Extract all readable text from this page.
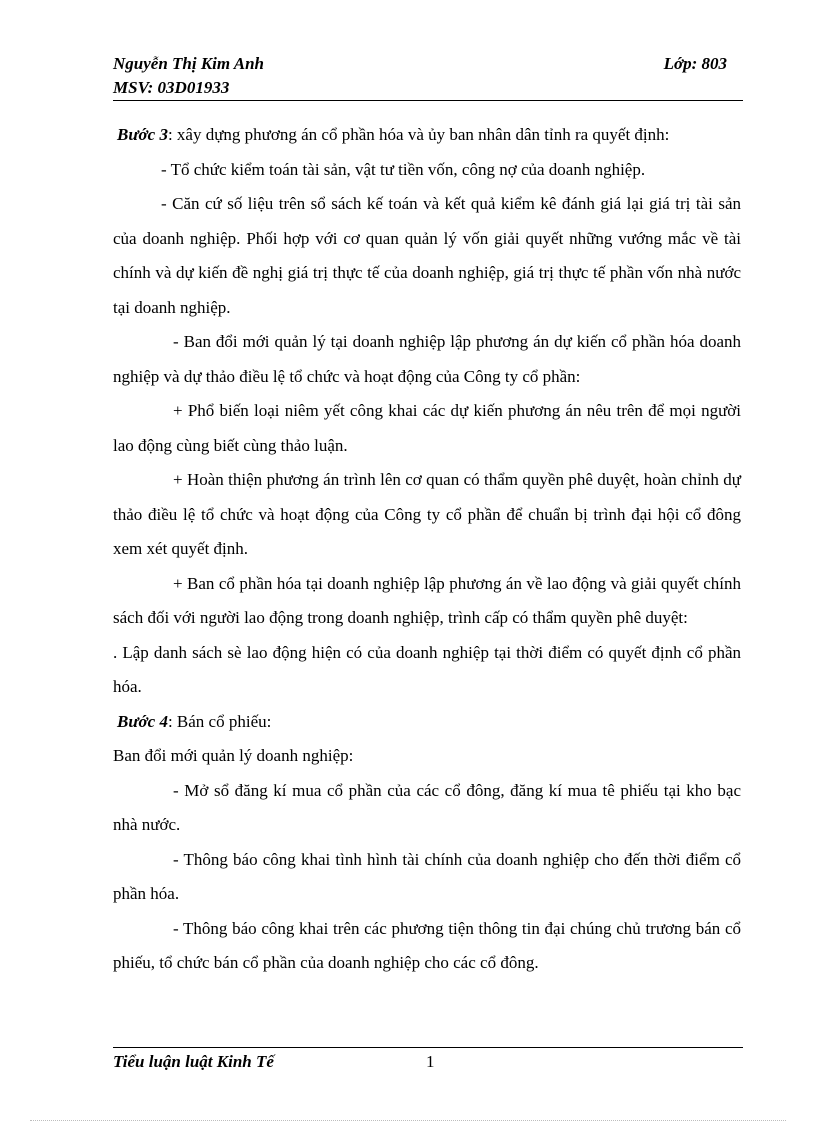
Nguyễn Thị Kim Anh	Lớp: 803
MSV: 03D01933

Bước 3: xây dựng phương án cổ phần hóa và ủy ban nhân dân tỉnh ra quyết định:

- Tổ chức kiểm toán tài sản, vật tư tiền vốn, công nợ của doanh nghiệp.

- Căn cứ số liệu trên sổ sách kế toán và kết quả kiểm kê đánh giá lại giá trị tài sản của doanh nghiệp. Phối hợp với cơ quan quản lý vốn giải quyết những vướng mắc về tài chính và dự kiến đề nghị giá trị thực tế của doanh nghiệp, giá trị thực tế phần vốn nhà nước tại doanh nghiệp.

- Ban đổi mới quản lý tại doanh nghiệp lập phương án dự kiến cổ phần hóa doanh nghiệp và dự thảo điều lệ tổ chức và hoạt động của Công ty cổ phần:

+ Phổ biến loại niêm yết công khai các dự kiến phương án nêu trên để mọi người lao động cùng biết cùng thảo luận.

+ Hoàn thiện phương án trình lên cơ quan có thẩm quyền phê duyệt, hoàn chỉnh dự thảo điều lệ tổ chức và hoạt động của Công ty cổ phần để chuẩn bị trình đại hội cổ đông xem xét quyết định.

+ Ban cổ phần hóa tại doanh nghiệp lập phương án về lao động và giải quyết chính sách đối với người lao động trong doanh nghiệp, trình cấp có thẩm quyền phê duyệt:

. Lập danh sách sè lao động hiện có của doanh nghiệp tại thời điểm có quyết định cổ phần hóa.

Bước 4: Bán cổ phiếu:

Ban đổi mới quản lý doanh nghiệp:

- Mở sổ đăng kí mua cổ phần của các cổ đông, đăng kí mua tê phiếu tại kho bạc nhà nước.

- Thông báo công khai tình hình tài chính của doanh nghiệp cho đến thời điểm cổ phần hóa.

- Thông báo công khai trên các phương tiện thông tin đại chúng chủ trương bán cổ phiếu, tổ chức bán cổ phần của doanh nghiệp cho các cổ đông.

Tiểu luận luật Kinh Tế	1
